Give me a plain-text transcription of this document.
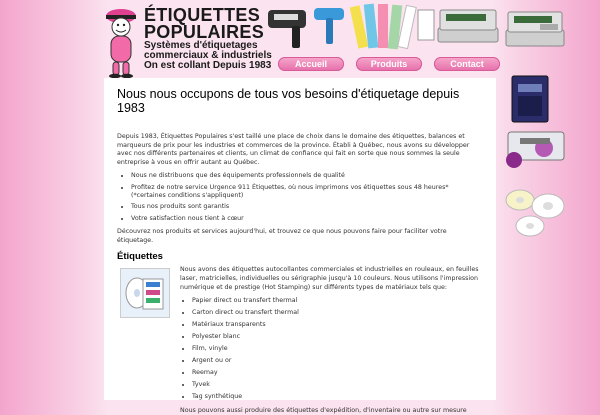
ÉTIQUETTES
POPULAIRES
Systèmes d'étiquetages
commerciaux & industriels
On est collant Depuis 1983	Accueil	Produits	Contact
Nous nous occupons de tous vos besoins d'étiquetage depuis 1983

Depuis 1983, Étiquettes Populaires s'est taillé une place de choix dans le domaine des étiquettes, balances et marqueurs de prix pour les industries et commerces de la province. Établi à Québec, nous avons su développer avec nos différents partenaires et clients, un climat de confiance qui fait en sorte que nous sommes la seule entreprise à vous en offrir autant au Québec.

• Nous ne distribuons que des équipements professionnels de qualité
• Profitez de notre service Urgence 911 Étiquettes, où nous imprimons vos étiquettes sous 48 heures* (*certaines conditions s'appliquent)
• Tous nos produits sont garantis
• Votre satisfaction nous tient à cœur

Découvrez nos produits et services aujourd'hui, et trouvez ce que nous pouvons faire pour faciliter votre étiquetage.

Étiquettes

Nous avons des étiquettes autocollantes commerciales et industrielles en rouleaux, en feuilles laser, matricielles, individuelles ou sérigraphie jusqu'à 10 couleurs. Nous utilisons l'impression numérique et de prestige (Hot Stamping) sur différents types de matériaux tels que:

• Papier direct ou transfert thermal
• Carton direct ou transfert thermal
• Matériaux transparents
• Polyester blanc
• Film, vinyle
• Argent ou or
• Reemay
• Tyvek
• Tag synthétique

Nous pouvons aussi produire des étiquettes d'expédition, d'inventaire ou autre sur mesure
